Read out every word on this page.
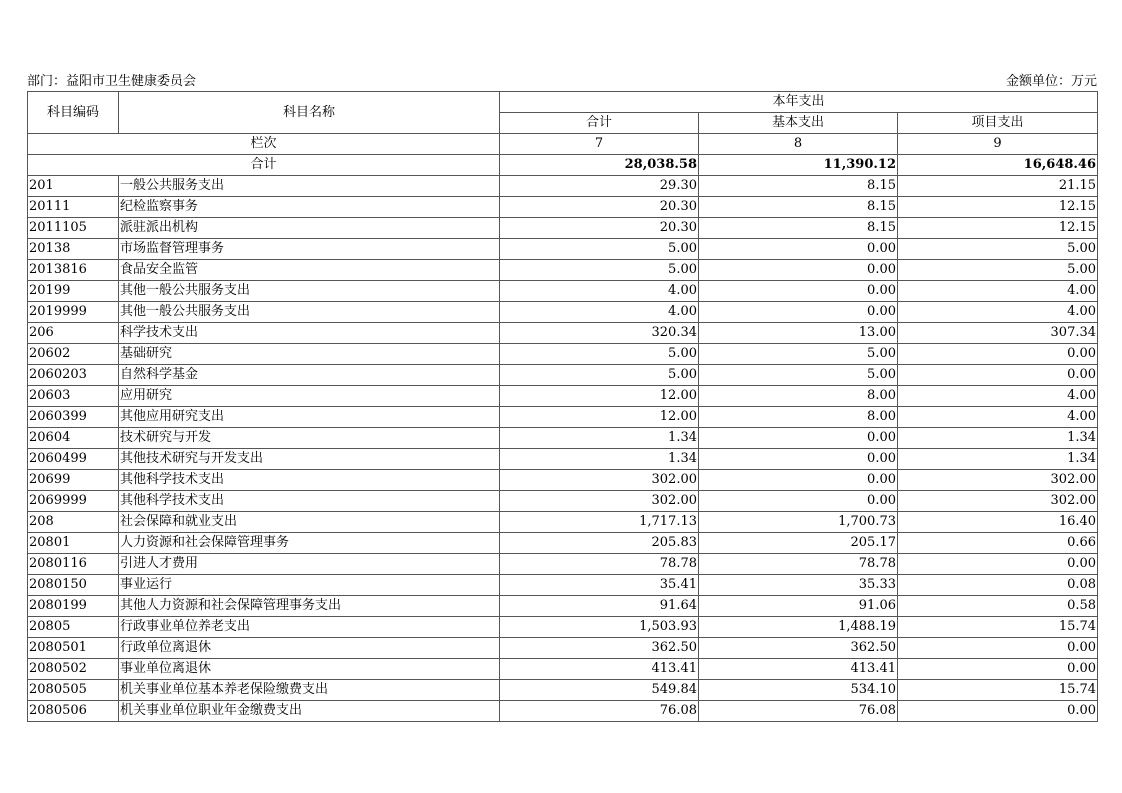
部门：益阳市卫生健康委员会	金额单位：万元
科目编码	科目名称	本年支出		
		合计	基本支出	项目支出
栏次		7	8	9
合计		28,038.58	11,390.12	16,648.46
201	一般公共服务支出	29.30	8.15	21.15
20111	纪检监察事务	20.30	8.15	12.15
2011105	派驻派出机构	20.30	8.15	12.15
20138	市场监督管理事务	5.00	0.00	5.00
2013816	食品安全监管	5.00	0.00	5.00
20199	其他一般公共服务支出	4.00	0.00	4.00
2019999	其他一般公共服务支出	4.00	0.00	4.00
206	科学技术支出	320.34	13.00	307.34
20602	基础研究	5.00	5.00	0.00
2060203	自然科学基金	5.00	5.00	0.00
20603	应用研究	12.00	8.00	4.00
2060399	其他应用研究支出	12.00	8.00	4.00
20604	技术研究与开发	1.34	0.00	1.34
2060499	其他技术研究与开发支出	1.34	0.00	1.34
20699	其他科学技术支出	302.00	0.00	302.00
2069999	其他科学技术支出	302.00	0.00	302.00
208	社会保障和就业支出	1,717.13	1,700.73	16.40
20801	人力资源和社会保障管理事务	205.83	205.17	0.66
2080116	引进人才费用	78.78	78.78	0.00
2080150	事业运行	35.41	35.33	0.08
2080199	其他人力资源和社会保障管理事务支出	91.64	91.06	0.58
20805	行政事业单位养老支出	1,503.93	1,488.19	15.74
2080501	行政单位离退休	362.50	362.50	0.00
2080502	事业单位离退休	413.41	413.41	0.00
2080505	机关事业单位基本养老保险缴费支出	549.84	534.10	15.74
2080506	机关事业单位职业年金缴费支出	76.08	76.08	0.00
